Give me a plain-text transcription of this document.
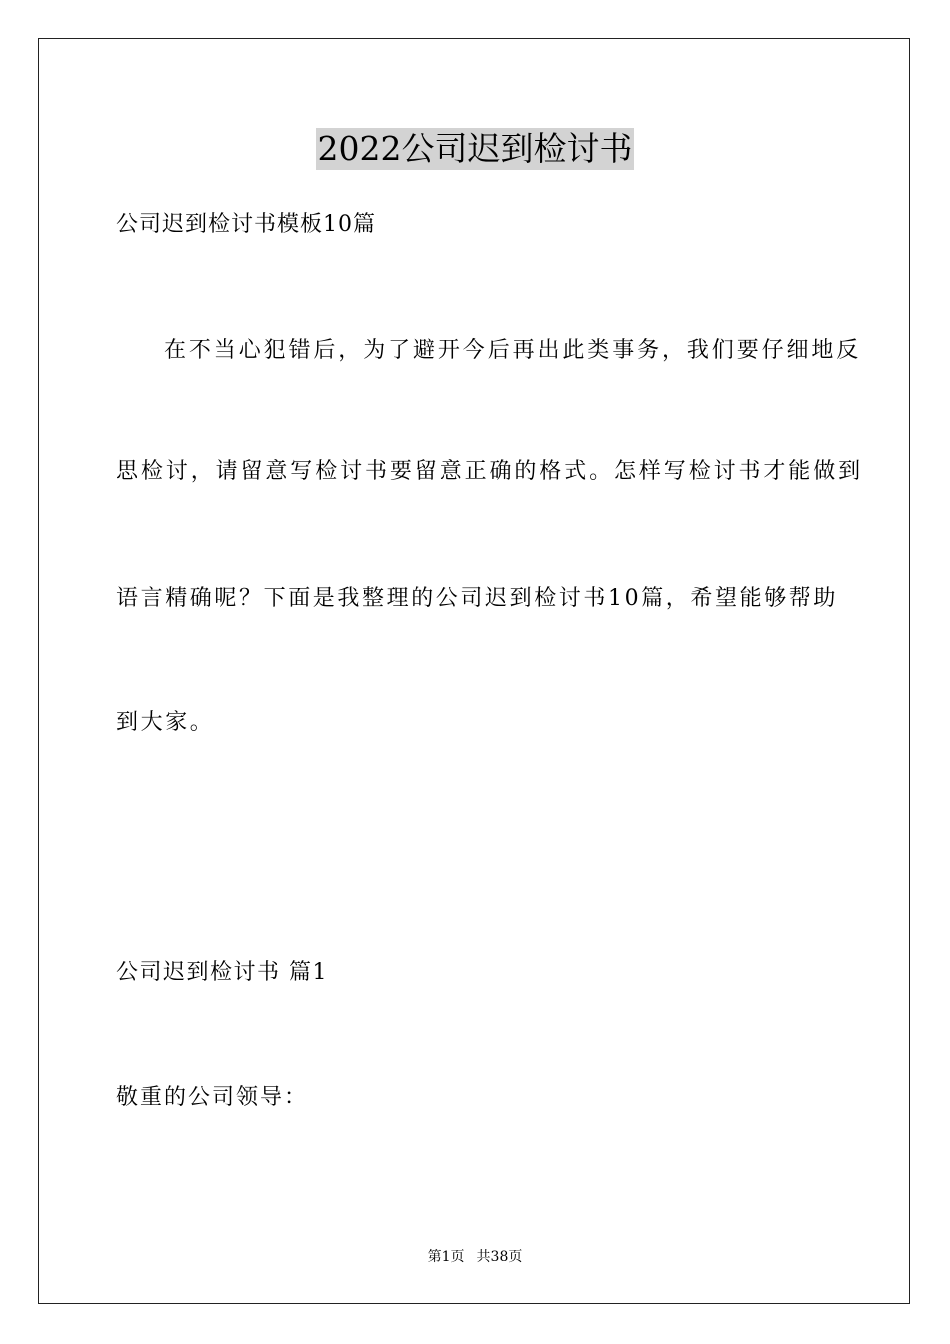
2022公司迟到检讨书
公司迟到检讨书模板10篇
在不当心犯错后，为了避开今后再出此类事务，我们要仔细地反
思检讨，请留意写检讨书要留意正确的格式。怎样写检讨书才能做到
语言精确呢？下面是我整理的公司迟到检讨书10篇，希望能够帮助
到大家。
公司迟到检讨书 篇1
敬重的公司领导：
第1页 共38页
